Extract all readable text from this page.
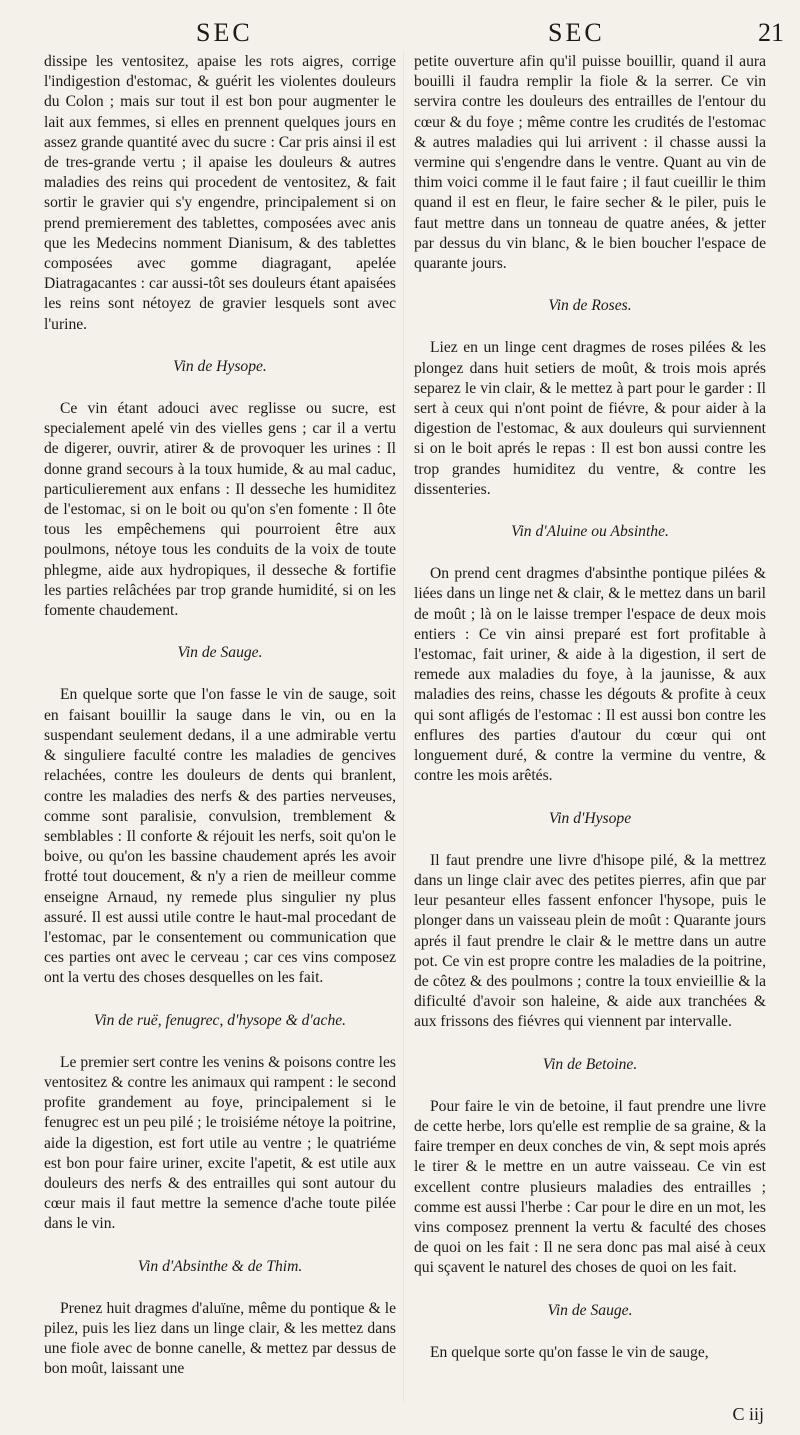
SEC	SEC	21

dissipe les ventositez, apaise les rots aigres, corrige l'indigestion d'estomac, & guérit les violentes douleurs du Colon ; mais sur tout il est bon pour augmenter le lait aux femmes, si elles en prennent quelques jours en assez grande quantité avec du sucre : Car pris ainsi il est de tres-grande vertu ; il apaise les douleurs & autres maladies des reins qui procedent de ventositez, & fait sortir le gravier qui s'y engendre, principalement si on prend premierement des tablettes, composées avec anis que les Medecins nomment Dianisum, & des tablettes composées avec gomme diagragant, apelée Diatragacantes : car aussi-tôt ses douleurs étant apaisées les reins sont nétoyez de gravier lesquels sont avec l'urine.

Vin de Hysope.

Ce vin étant adouci avec reglisse ou sucre, est specialement apelé vin des vielles gens ; car il a vertu de digerer, ouvrir, atirer & de provoquer les urines : Il donne grand secours à la toux humide, & au mal caduc, particulierement aux enfans : Il desseche les humiditez de l'estomac, si on le boit ou qu'on s'en fomente : Il ôte tous les empêchemens qui pourroient être aux poulmons, nétoye tous les conduits de la voix de toute phlegme, aide aux hydropiques, il desseche & fortifie les parties relâchées par trop grande humidité, si on les fomente chaudement.

Vin de Sauge.

En quelque sorte que l'on fasse le vin de sauge, soit en faisant bouillir la sauge dans le vin, ou en la suspendant seulement dedans, il a une admirable vertu & singuliere faculté contre les maladies de gencives relachées, contre les douleurs de dents qui branlent, contre les maladies des nerfs & des parties nerveuses, comme sont paralisie, convulsion, tremblement & semblables : Il conforte & réjouit les nerfs, soit qu'on le boive, ou qu'on les bassine chaudement aprés les avoir frotté tout doucement, & n'y a rien de meilleur comme enseigne Arnaud, ny remede plus singulier ny plus assuré. Il est aussi utile contre le haut-mal procedant de l'estomac, par le consentement ou communication que ces parties ont avec le cerveau ; car ces vins composez ont la vertu des choses desquelles on les fait.

Vin de ruë, fenugrec, d'hysope & d'ache.

Le premier sert contre les venins & poisons contre les ventositez & contre les animaux qui rampent : le second profite grandement au foye, principalement si le fenugrec est un peu pilé ; le troisiéme nétoye la poitrine, aide la digestion, est fort utile au ventre ; le quatriéme est bon pour faire uriner, excite l'apetit, & est utile aux douleurs des nerfs & des entrailles qui sont autour du cœur mais il faut mettre la semence d'ache toute pilée dans le vin.

Vin d'Absinthe & de Thim.

Prenez huit dragmes d'aluïne, même du pontique & le pilez, puis les liez dans un linge clair, & les mettez dans une fiole avec de bonne canelle, & mettez par dessus de bon moût, laissant une

petite ouverture afin qu'il puisse bouillir, quand il aura bouilli il faudra remplir la fiole & la serrer. Ce vin servira contre les douleurs des entrailles de l'entour du cœur & du foye ; même contre les crudités de l'estomac & autres maladies qui lui arrivent : il chasse aussi la vermine qui s'engendre dans le ventre. Quant au vin de thim voici comme il le faut faire ; il faut cueillir le thim quand il est en fleur, le faire secher & le piler, puis le faut mettre dans un tonneau de quatre anées, & jetter par dessus du vin blanc, & le bien boucher l'espace de quarante jours.

Vin de Roses.

Liez en un linge cent dragmes de roses pilées & les plongez dans huit setiers de moût, & trois mois aprés separez le vin clair, & le mettez à part pour le garder : Il sert à ceux qui n'ont point de fiévre, & pour aider à la digestion de l'estomac, & aux douleurs qui surviennent si on le boit aprés le repas : Il est bon aussi contre les trop grandes humiditez du ventre, & contre les dissenteries.

Vin d'Aluine ou Absinthe.

On prend cent dragmes d'absinthe pontique pilées & liées dans un linge net & clair, & le mettez dans un baril de moût ; là on le laisse tremper l'espace de deux mois entiers : Ce vin ainsi preparé est fort profitable à l'estomac, fait uriner, & aide à la digestion, il sert de remede aux maladies du foye, à la jaunisse, & aux maladies des reins, chasse les dégouts & profite à ceux qui sont afligés de l'estomac : Il est aussi bon contre les enflures des parties d'autour du cœur qui ont longuement duré, & contre la vermine du ventre, & contre les mois arêtés.

Vin d'Hysope

Il faut prendre une livre d'hisope pilé, & la mettrez dans un linge clair avec des petites pierres, afin que par leur pesanteur elles fassent enfoncer l'hysope, puis le plonger dans un vaisseau plein de moût : Quarante jours aprés il faut prendre le clair & le mettre dans un autre pot. Ce vin est propre contre les maladies de la poitrine, de côtez & des poulmons ; contre la toux envieillie & la dificulté d'avoir son haleine, & aide aux tranchées & aux frissons des fiévres qui viennent par intervalle.

Vin de Betoine.

Pour faire le vin de betoine, il faut prendre une livre de cette herbe, lors qu'elle est remplie de sa graine, & la faire tremper en deux conches de vin, & sept mois aprés le tirer & le mettre en un autre vaisseau. Ce vin est excellent contre plusieurs maladies des entrailles ; comme est aussi l'herbe : Car pour le dire en un mot, les vins composez prennent la vertu & faculté des choses de quoi on les fait : Il ne sera donc pas mal aisé à ceux qui sçavent le naturel des choses de quoi on les fait.

Vin de Sauge.

En quelque sorte qu'on fasse le vin de sauge,

C iij
